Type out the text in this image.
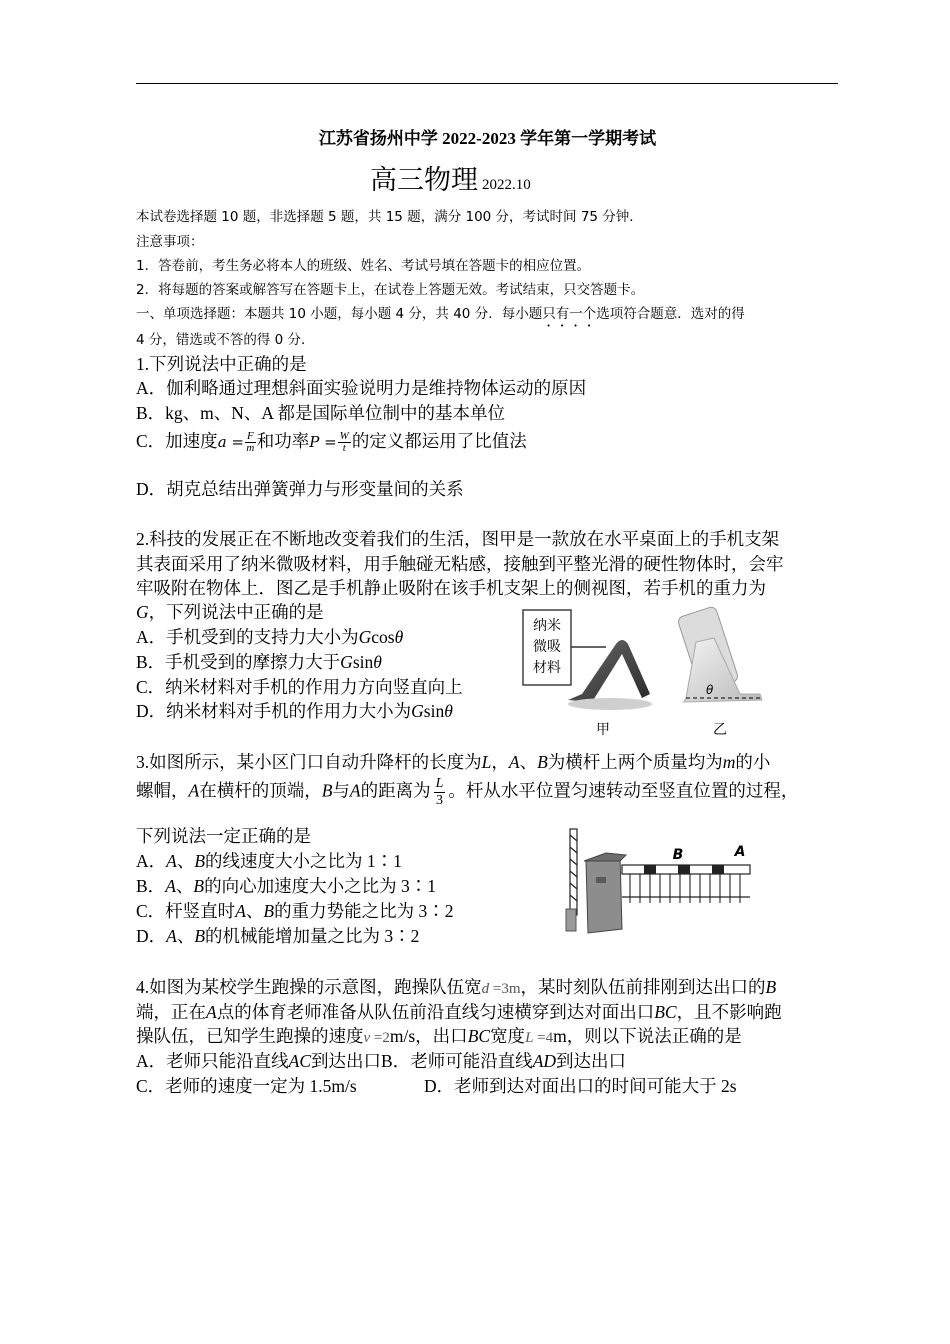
江苏省扬州中学 2022-2023 学年第一学期考试
高三物理 2022.10
本试卷选择题 10 题，非选择题 5 题，共 15 题，满分 100 分，考试时间 75 分钟．
注意事项：
1．答卷前，考生务必将本人的班级、姓名、考试号填在答题卡的相应位置。
2．将每题的答案或解答写在答题卡上，在试卷上答题无效。考试结束，只交答题卡。
一、单项选择题：本题共 10 小题，每小题 4 分，共 40 分．每小题只有一个选项符合题意．选对的得
4 分，错选或不答的得 0 分．
1.下列说法中正确的是
A．伽利略通过理想斜面实验说明力是维持物体运动的原因
B．kg、m、N、A 都是国际单位制中的基本单位
C．加速度$a = \frac{F}{m}$ 和功率$P = \frac{W}{t}$ 的定义都运用了比值法
D．胡克总结出弹簧弹力与形变量间的关系
2.科技的发展正在不断地改变着我们的生活，图甲是一款放在水平桌面上的手机支架
其表面采用了纳米微吸材料，用手触碰无粘感，接触到平整光滑的硬性物体时，会牢
牢吸附在物体上．图乙是手机静止吸附在该手机支架上的侧视图，若手机的重力为
G，下列说法中正确的是
A．手机受到的支持力大小为Gcosθ
B．手机受到的摩擦力大于Gsinθ
C．纳米材料对手机的作用力方向竖直向上
D．纳米材料对手机的作用力大小为Gsinθ
纳米
微吸
材料
甲
θ
乙
3.如图所示，某小区门口自动升降杆的长度为L，A、B为横杆上两个质量均为m的小
螺帽，A在横杆的顶端，B与A的距离为 $\frac{L}{3}$ 。杆从水平位置匀速转动至竖直位置的过程，
下列说法一定正确的是
A．A、B的线速度大小之比为 1∶1
B．A、B的向心加速度大小之比为 3∶1
C．杆竖直时A、B的重力势能之比为 3∶2
D．A、B的机械能增加量之比为 3∶2
B	A
4.如图为某校学生跑操的示意图，跑操队伍宽d =3m，某时刻队伍前排刚到达出口的B
端，正在A点的体育老师准备从队伍前沿直线匀速横穿到达对面出口BC，且不影响跑
操队伍，已知学生跑操的速度v =2m/s，出口BC宽度L =4m，则以下说法正确的是
A．老师只能沿直线AC到达出口B．老师可能沿直线AD到达出口
C．老师的速度一定为 1.5m/s	D．老师到达对面出口的时间可能大于 2s
